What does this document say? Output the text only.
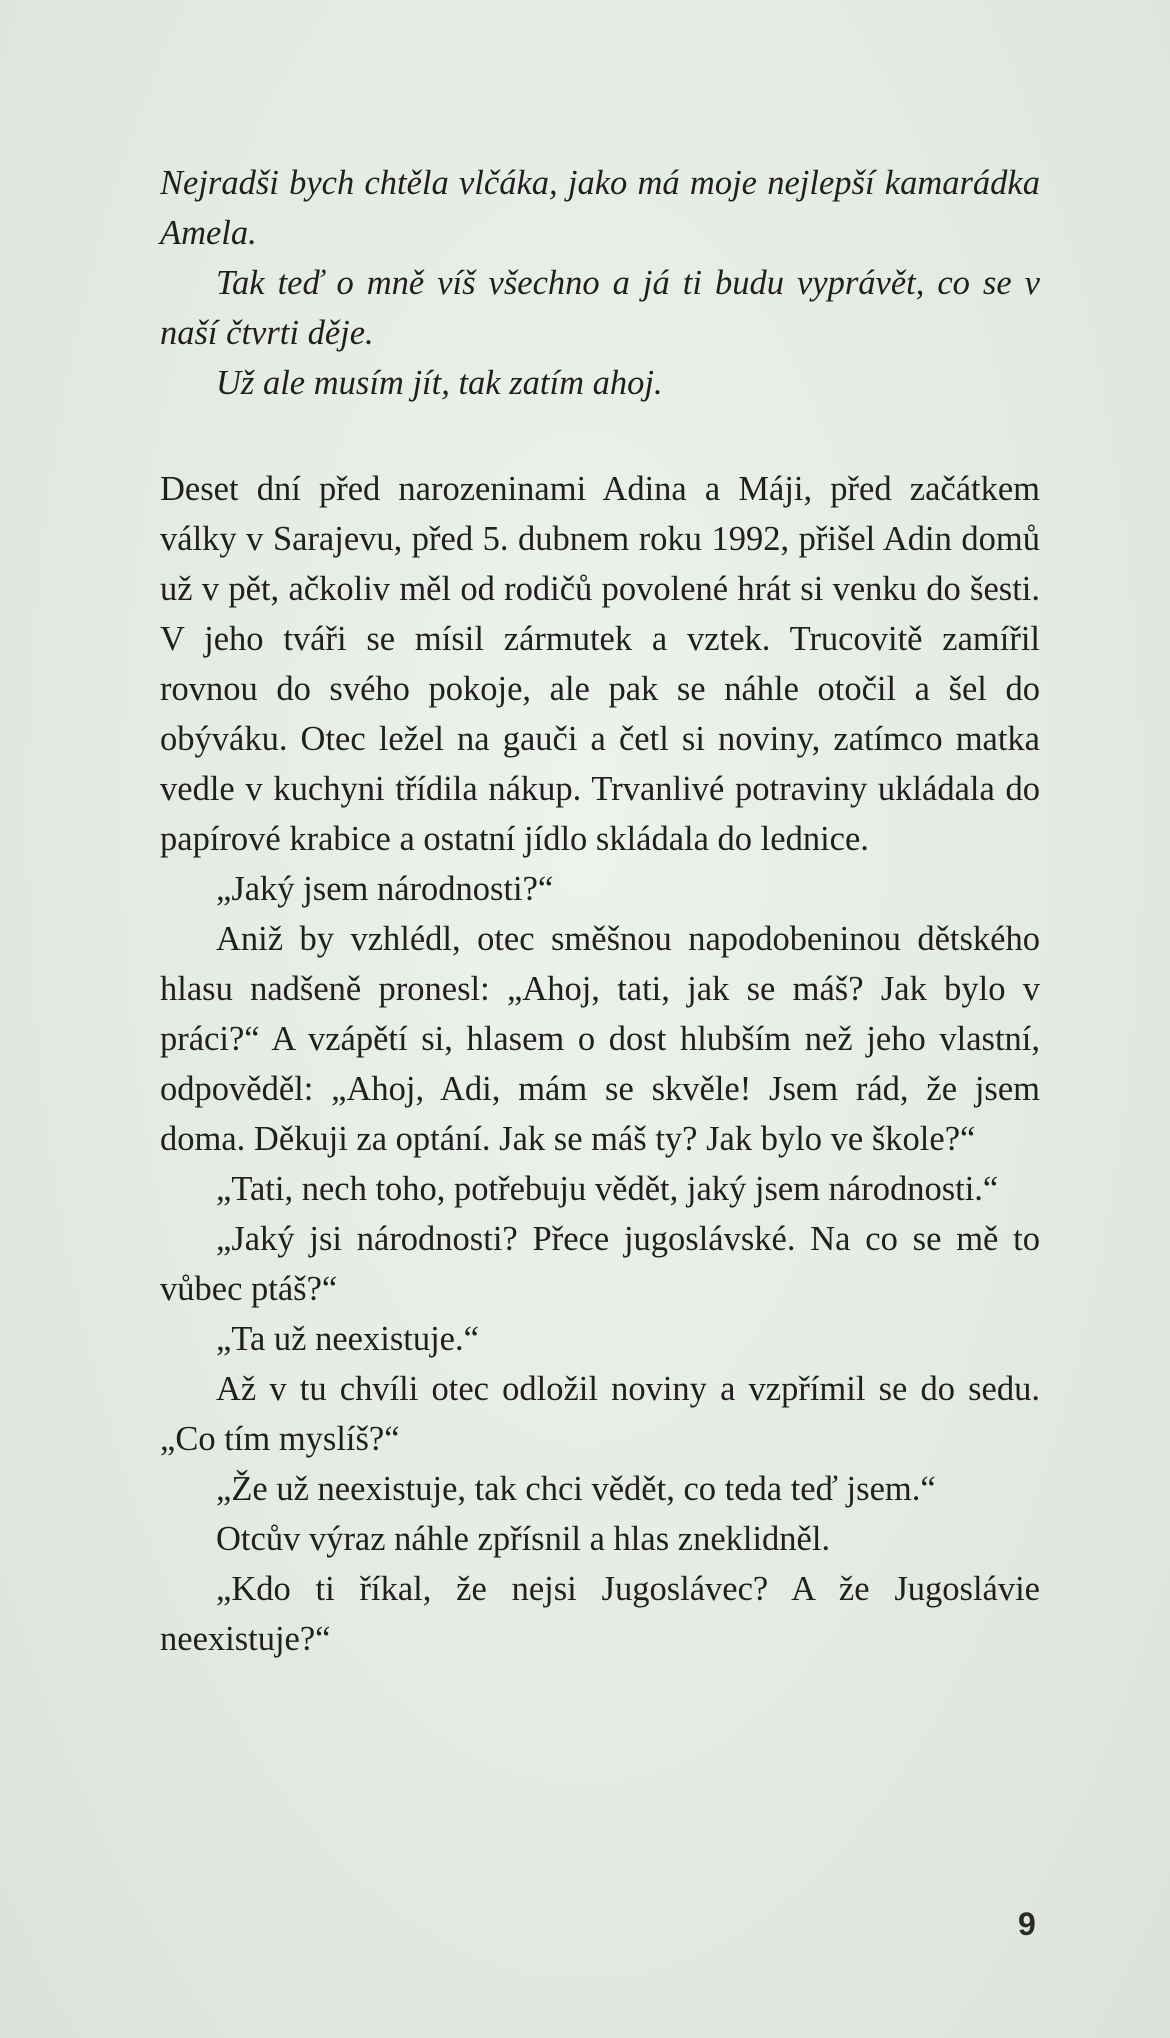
Nejradši bych chtěla vlčáka, jako má moje nejlepší kamarádka Amela.

Tak teď o mně víš všechno a já ti budu vyprávět, co se v naší čtvrti děje.

Už ale musím jít, tak zatím ahoj.

Deset dní před narozeninami Adina a Máji, před začátkem války v Sarajevu, před 5. dubnem roku 1992, přišel Adin domů už v pět, ačkoliv měl od rodičů povolené hrát si venku do šesti. V jeho tváři se mísil zármutek a vztek. Trucovitě zamířil rovnou do svého pokoje, ale pak se náhle otočil a šel do obýváku. Otec ležel na gauči a četl si noviny, zatímco matka vedle v kuchyni třídila nákup. Trvanlivé potraviny ukládala do papírové krabice a ostatní jídlo skládala do lednice.

„Jaký jsem národnosti?“

Aniž by vzhlédl, otec směšnou napodobeninou dětského hlasu nadšeně pronesl: „Ahoj, tati, jak se máš? Jak bylo v práci?“ A vzápětí si, hlasem o dost hlubším než jeho vlastní, odpověděl: „Ahoj, Adi, mám se skvěle! Jsem rád, že jsem doma. Děkuji za optání. Jak se máš ty? Jak bylo ve škole?“

„Tati, nech toho, potřebuju vědět, jaký jsem národnosti.“

„Jaký jsi národnosti? Přece jugoslávské. Na co se mě to vůbec ptáš?“

„Ta už neexistuje.“

Až v tu chvíli otec odložil noviny a vzpřímil se do sedu. „Co tím myslíš?“

„Že už neexistuje, tak chci vědět, co teda teď jsem.“

Otcův výraz náhle zpřísnil a hlas zneklidněl.

„Kdo ti říkal, že nejsi Jugoslávec? A že Jugoslávie neexistuje?“

9
